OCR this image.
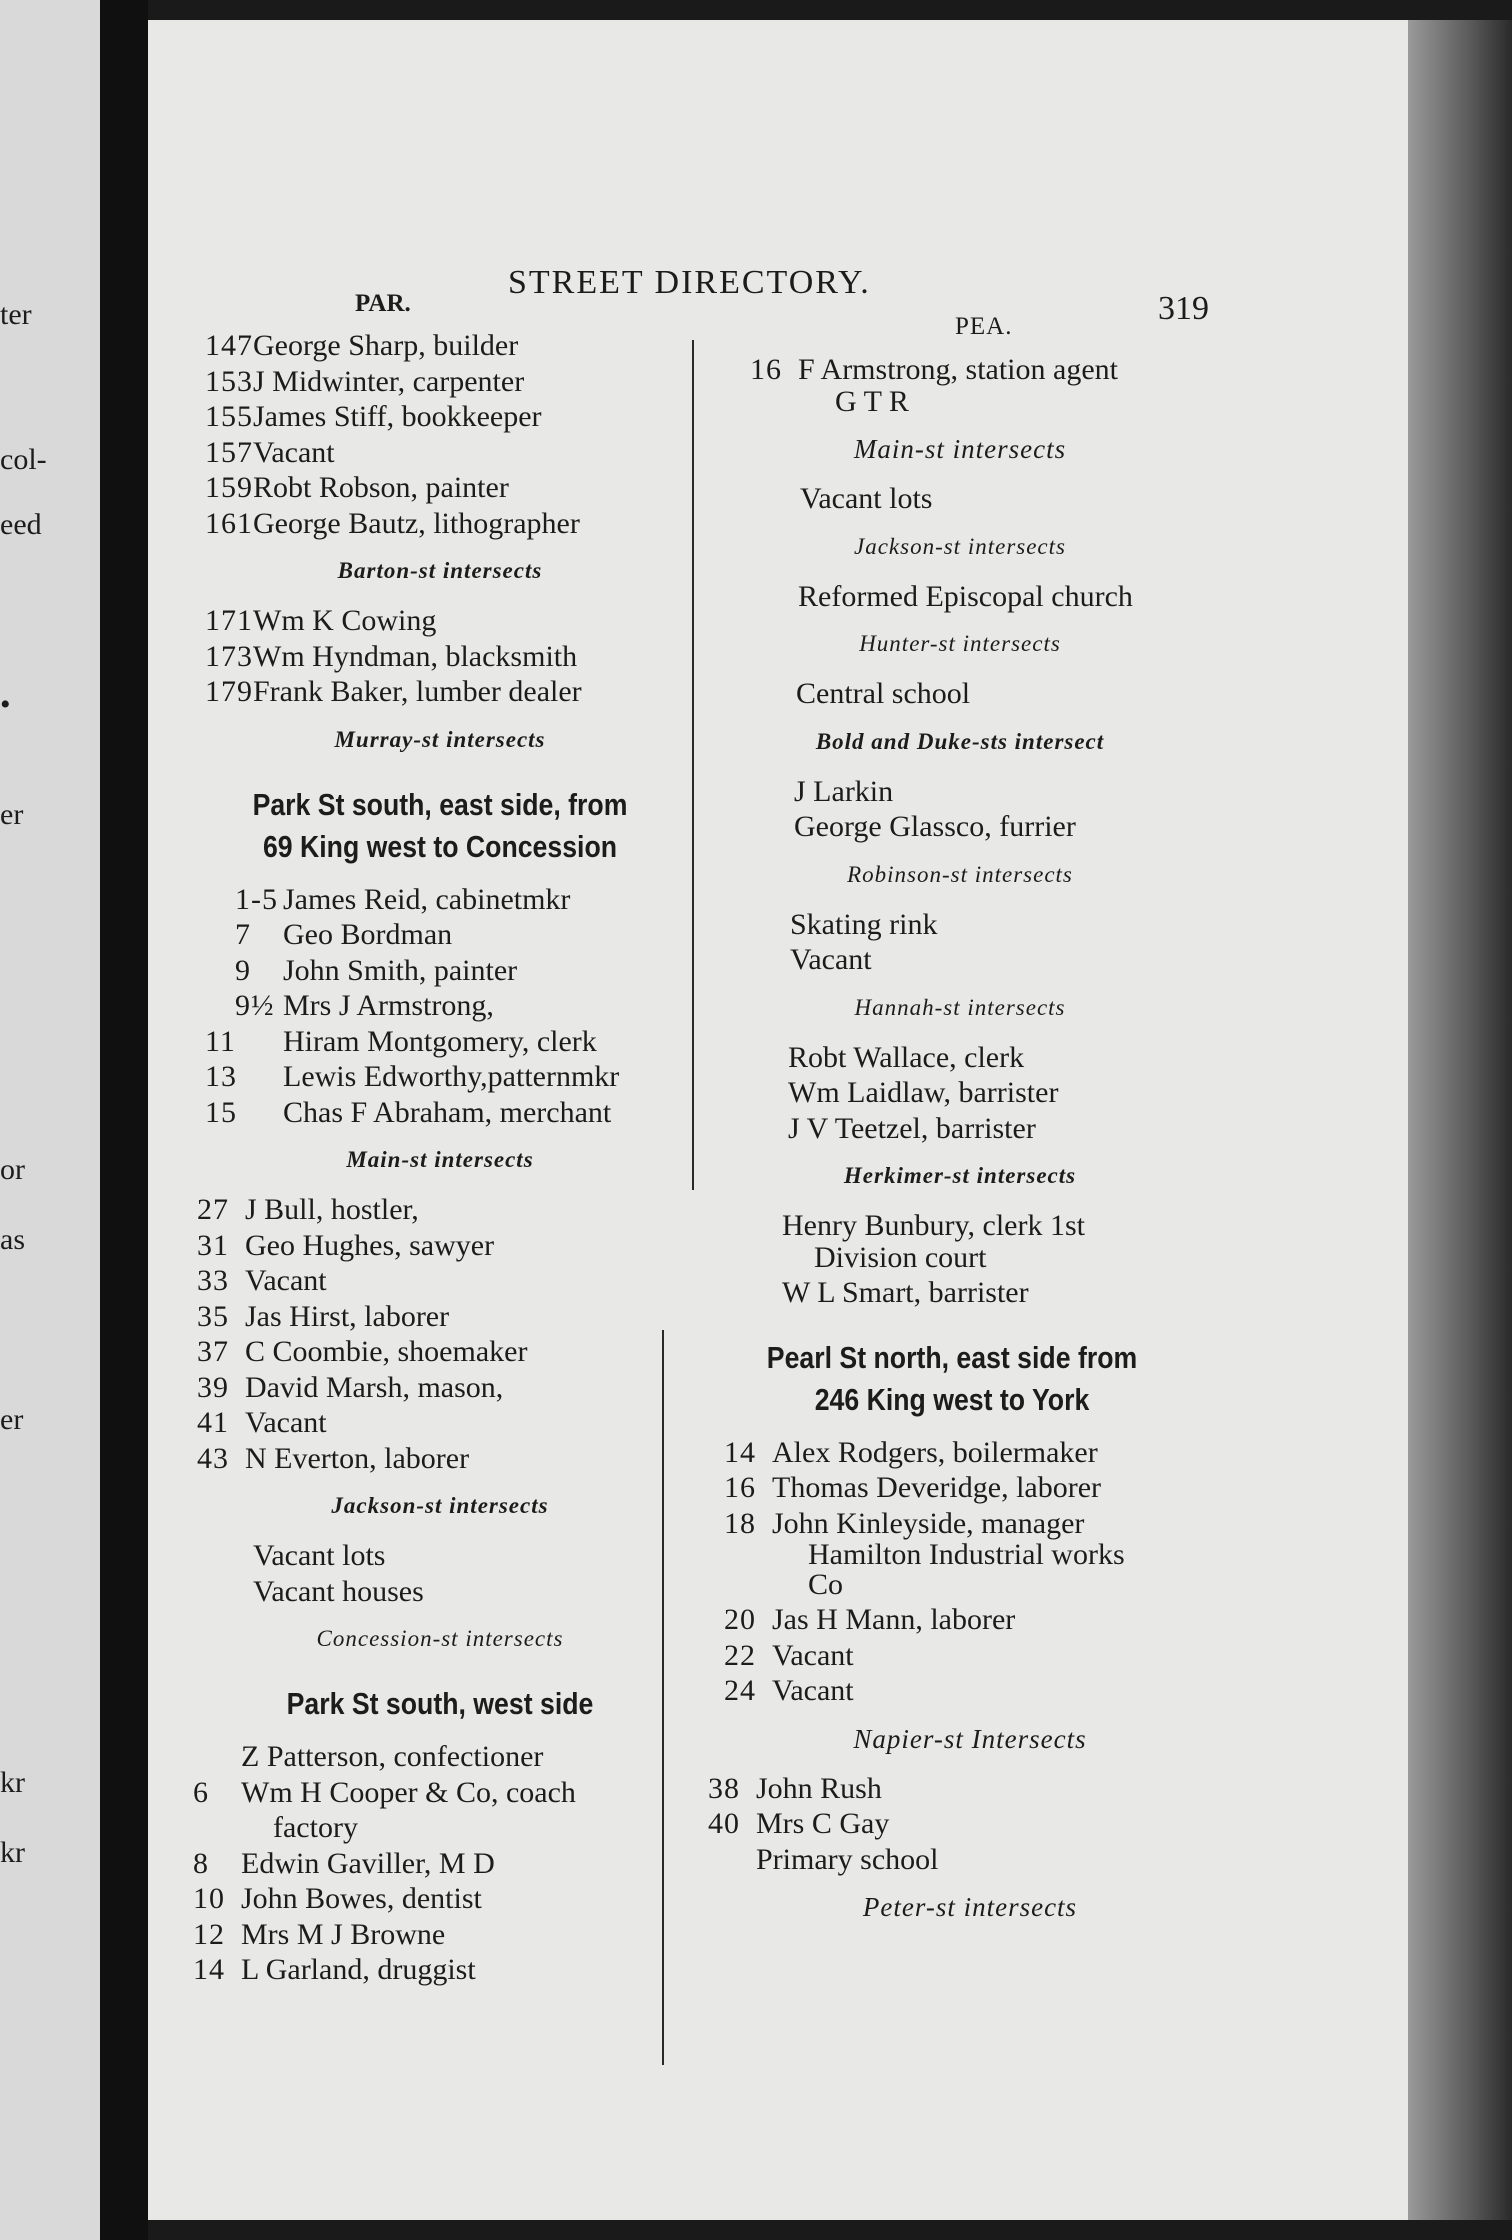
ter
col-
eed
•
er
or
as
er
kr
kr
STREET DIRECTORY.
PAR.
PEA.	319
147 George Sharp, builder
153 J Midwinter, carpenter
155 James Stiff, bookkeeper
157 Vacant
159 Robt Robson, painter
161 George Bautz, lithographer
Barton-st intersects
171 Wm K Cowing
173 Wm Hyndman, blacksmith
179 Frank Baker, lumber dealer
Murray-st intersects
Park St south, east side, from
69 King west to Concession
1-5 James Reid, cabinetmkr
7	Geo Bordman
9	John Smith, painter
9½ Mrs J Armstrong,
11	Hiram Montgomery, clerk
13	Lewis Edworthy,patternmkr
15	Chas F Abraham, merchant
Main-st intersects
27 J Bull, hostler,
31 Geo Hughes, sawyer
33 Vacant
35 Jas Hirst, laborer
37 C Coombie, shoemaker
39 David Marsh, mason,
41 Vacant
43 N Everton, laborer
Jackson-st intersects
Vacant lots
Vacant houses
Concession-st intersects
Park St south, west side
Z Patterson, confectioner
6	Wm H Cooper & Co, coach
factory
8	Edwin Gaviller, M D
10 John Bowes, dentist
12 Mrs M J Browne
14 L Garland, druggist
16 F Armstrong, station agent
G T R
Main-st intersects
Vacant lots
Jackson-st intersects
Reformed Episcopal church
Hunter-st intersects
Central school
Bold and Duke-sts intersect
J Larkin
George Glassco, furrier
Robinson-st intersects
Skating rink
Vacant
Hannah-st intersects
Robt Wallace, clerk
Wm Laidlaw, barrister
J V Teetzel, barrister
Herkimer-st intersects
Henry Bunbury, clerk 1st
Division court
W L Smart, barrister
Pearl St north, east side from
246 King west to York
14 Alex Rodgers, boilermaker
16 Thomas Deveridge, laborer
18 John Kinleyside, manager
Hamilton Industrial works
Co
20 Jas H Mann, laborer
22 Vacant
24 Vacant
Napier-st Intersects
38 John Rush
40 Mrs C Gay
Primary school
Peter-st intersects
